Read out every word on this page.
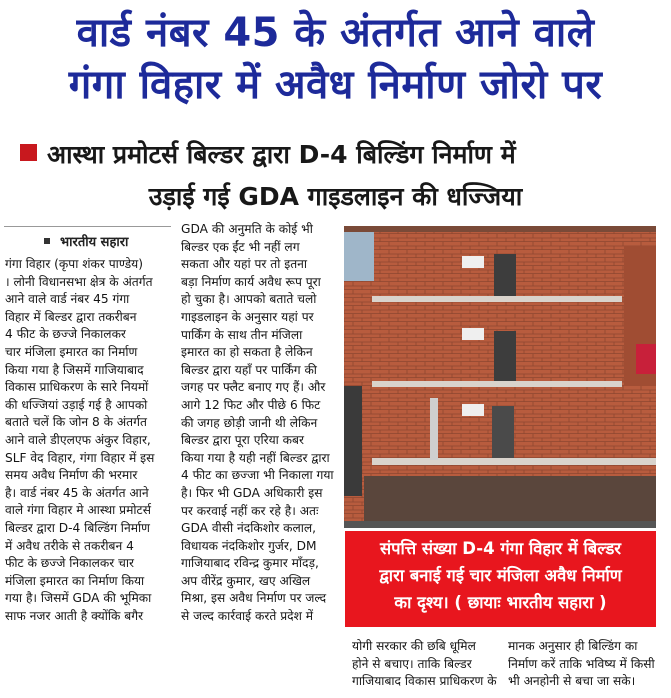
वार्ड नंबर 45 के अंतर्गत आने वाले
गंगा विहार में अवैध निर्माण जोरो पर
आस्था प्रमोटर्स बिल्डर द्वारा D-4 बिल्डिंग निर्माण में
उड़ाई गई GDA गाइडलाइन की धज्जिया
भारतीय सहारा
गंगा विहार (कृपा शंकर पाण्डेय)
। लोनी विधानसभा क्षेत्र के अंतर्गत
आने वाले वार्ड नंबर 45 गंगा
विहार में बिल्डर द्वारा तकरीबन
4 फीट के छज्जे निकालकर
चार मंजिला इमारत का निर्माण
किया गया है जिसमें गाजियाबाद
विकास प्राधिकरण के सारे नियमों
की धज्जियां उड़ाई गई है आपको
बताते चलें कि जोन 8 के अंतर्गत
आने वाले डीएलएफ अंकुर विहार,
SLF वेद विहार, गंगा विहार में इस
समय अवैध निर्माण की भरमार
है। वार्ड नंबर 45 के अंतर्गत आने
वाले गंगा विहार मे आस्था प्रमोटर्स
बिल्डर द्वारा D-4 बिल्डिंग निर्माण
में अवैध तरीके से तकरीबन 4
फीट के छज्जे निकालकर चार
मंजिला इमारत का निर्माण किया
गया है। जिसमें GDA की भूमिका
साफ नजर आती है क्योंकि बगैर
GDA की अनुमति के कोई भी
बिल्डर एक ईंट भी नहीं लग
सकता और यहां पर तो इतना
बड़ा निर्माण कार्य अवैध रूप पूरा
हो चुका है। आपको बताते चलो
गाइडलाइन के अनुसार यहां पर
पार्किंग के साथ तीन मंजिला
इमारत का हो सकता है लेकिन
बिल्डर द्वारा यहाँ पर पार्किंग की
जगह पर फ्लैट बनाए गए हैं। और
आगे 12 फिट और पीछे 6 फिट
की जगह छोड़ी जानी थी लेकिन
बिल्डर द्वारा पूरा एरिया कबर
किया गया है यही नहीं बिल्डर द्वारा
4 फीट का छज्जा भी निकाला गया
है। फिर भी GDA अधिकारी इस
पर करवाई नहीं कर रहे है। अतः
GDA वीसी नंदकिशोर कलाल,
विधायक नंदकिशोर गुर्जर, DM
गाजियाबाद रविन्द्र कुमार मॉंदड़,
अप वीरेंद्र कुमार, खए अखिल
मिश्रा, इस अवैध निर्माण पर जल्द
से जल्द कार्रवाई करते प्रदेश में
संपत्ति संख्या D-4 गंगा विहार में बिल्डर
द्वारा बनाई गई चार मंजिला अवैध निर्माण
का दृश्य। ( छायाः भारतीय सहारा )
योगी सरकार की छबि धूमिल
होने से बचाए। ताकि बिल्डर
गाजियाबाद विकास प्राधिकरण के
मानक अनुसार ही बिल्डिंग का
निर्माण करें ताकि भविष्य में किसी
भी अनहोनी से बचा जा सके।
